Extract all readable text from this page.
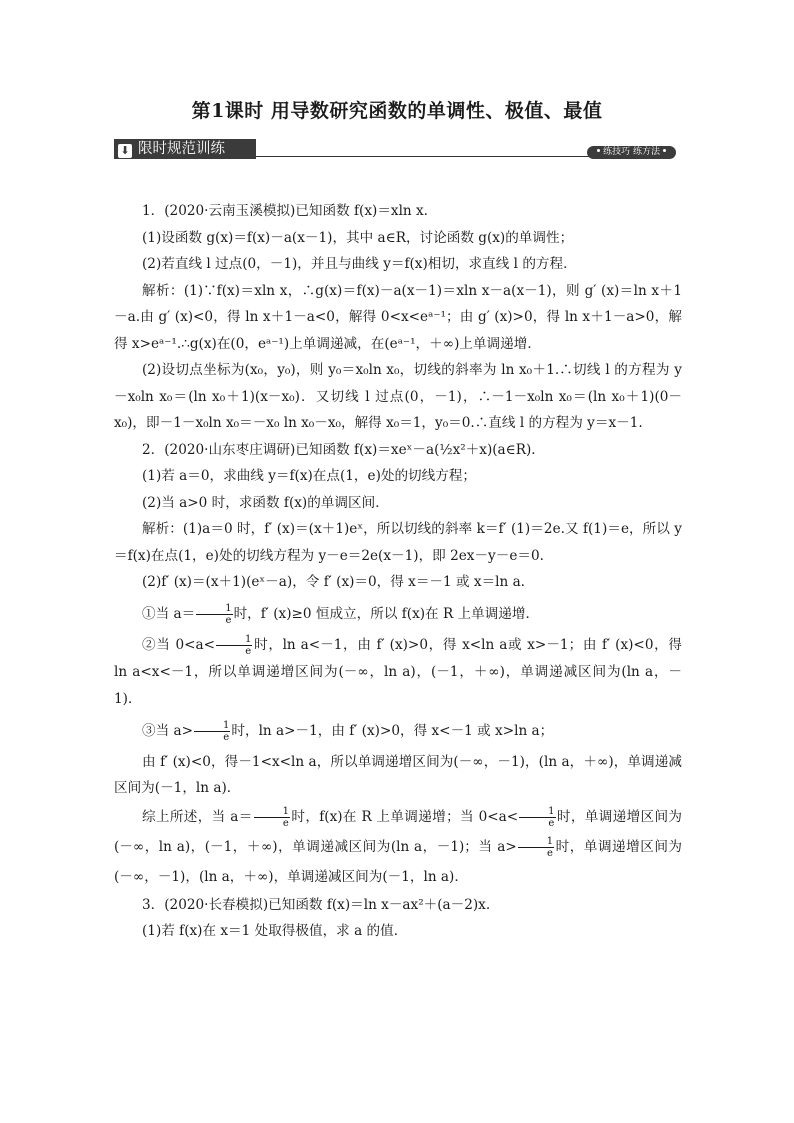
第1课时 用导数研究函数的单调性、极值、最值
⬇ 限时规范训练	练技巧 练方法

1．(2020·云南玉溪模拟)已知函数 f(x)＝xln x.

(1)设函数 g(x)＝f(x)－a(x－1)，其中 a∈R，讨论函数 g(x)的单调性；

(2)若直线 l 过点(0，－1)，并且与曲线 y＝f(x)相切，求直线 l 的方程．

解析：(1)∵f(x)＝xln x，∴g(x)＝f(x)－a(x－1)＝xln x－a(x－1)，则 g′ (x)＝ln x＋1－a.由 g′ (x)<0，得 ln x＋1－a<0，解得 0<x<eᵃ⁻¹；由 g′ (x)>0，得 ln x＋1－a>0，解得 x>eᵃ⁻¹.∴g(x)在(0，eᵃ⁻¹)上单调递减，在(eᵃ⁻¹，＋∞)上单调递增．

(2)设切点坐标为(x₀，y₀)，则 y₀＝x₀ln x₀，切线的斜率为 ln x₀＋1.∴切线 l 的方程为 y－x₀ln x₀＝(ln x₀＋1)(x－x₀)．又切线 l 过点(0，－1)，∴－1－x₀ln x₀＝(ln x₀＋1)(0－x₀)，即－1－x₀ln x₀＝－x₀ ln x₀－x₀，解得 x₀＝1，y₀＝0.∴直线 l 的方程为 y＝x－1.

2．(2020·山东枣庄调研)已知函数 f(x)＝xeˣ－a(½x²＋x)(a∈R)．

(1)若 a＝0，求曲线 y＝f(x)在点(1，e)处的切线方程；

(2)当 a>0 时，求函数 f(x)的单调区间．

解析：(1)a＝0 时，f′ (x)＝(x＋1)eˣ，所以切线的斜率 k＝f′ (1)＝2e.又 f(1)＝e，所以 y＝f(x)在点(1，e)处的切线方程为 y－e＝2e(x－1)，即 2ex－y－e＝0.

(2)f′ (x)＝(x＋1)(eˣ－a)，令 f′ (x)＝0，得 x＝－1 或 x＝ln a.

①当 $a= \frac{1}{e}$ 时，f′ (x)≥0 恒成立，所以 f(x)在 R 上单调递增．

②当 $0<a< \frac{1}{e}$ 时，ln a<－1，由 f′ (x)>0，得 x<ln a或 x>－1；由 f′ (x)<0，得 ln a<x<－1，所以单调递增区间为(－∞，ln a)，(－1，＋∞)，单调递减区间为(ln a，－1)．

③当 $a> \frac{1}{e}$ 时，ln a>－1，由 f′ (x)>0，得 x<－1 或 x>ln a；

由 f′ (x)<0，得－1<x<ln a，所以单调递增区间为(－∞，－1)，(ln a，＋∞)，单调递减区间为(－1，ln a)．

综上所述，当 $a= \frac{1}{e}$ 时，f(x)在 R 上单调递增；当 $0<a< \frac{1}{e}$ 时，单调递增区间为(－∞，ln a)，(－1，＋∞)，单调递减区间为(ln a，－1)；当 $a> \frac{1}{e}$ 时，单调递增区间为(－∞，－1)，(ln a，＋∞)，单调递减区间为(－1，ln a)．

3．(2020·长春模拟)已知函数 f(x)＝ln x－ax²＋(a－2)x.

(1)若 f(x)在 x＝1 处取得极值，求 a 的值．
